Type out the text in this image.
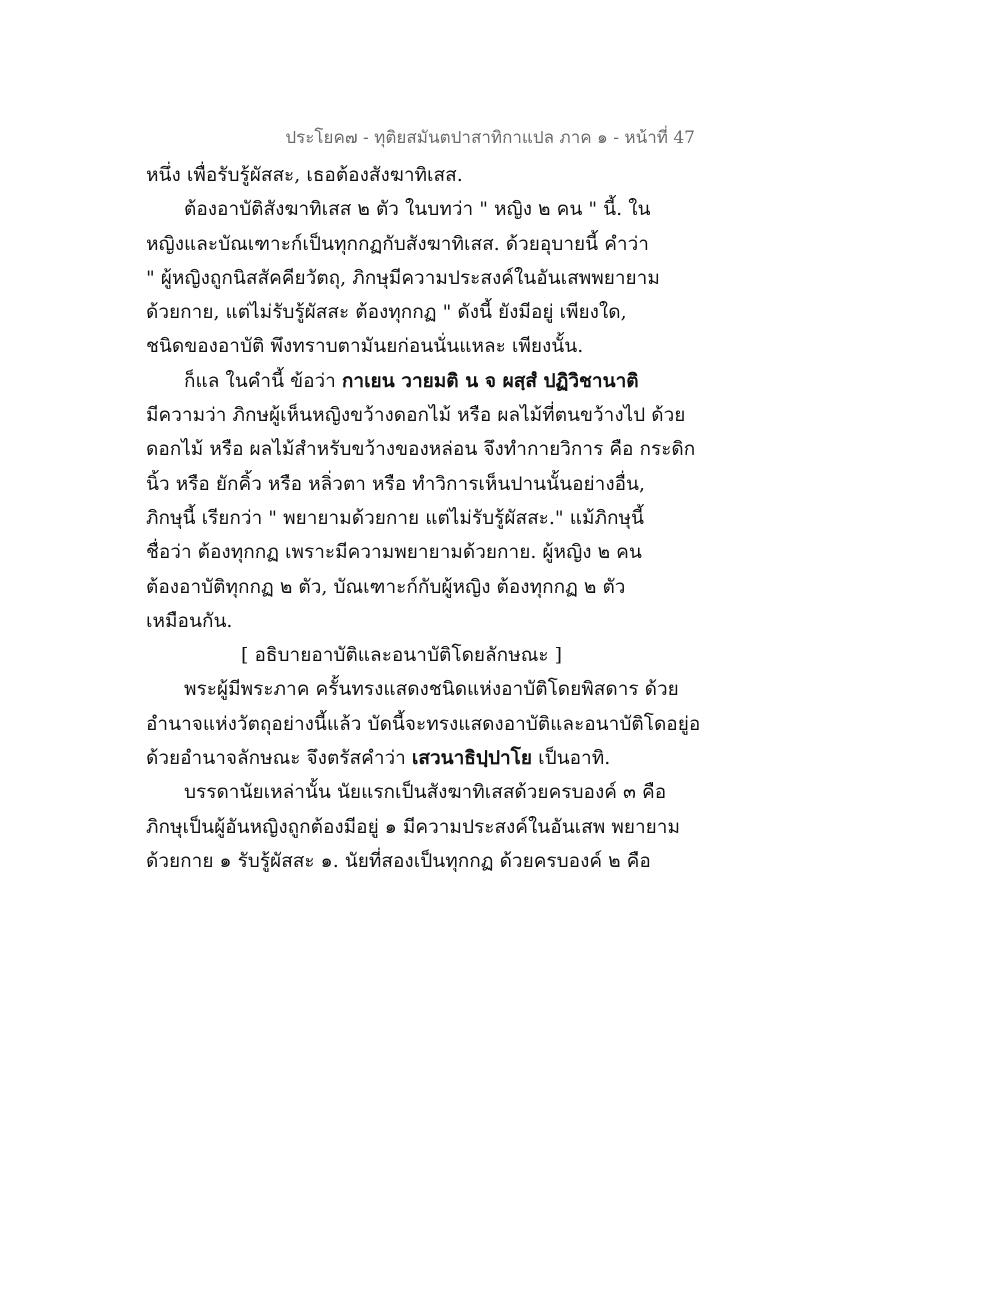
ประโยค๗ - ทุติยสมันตปาสาทิกาแปล ภาค ๑ - หน้าที่ 47
หนึ่ง เพื่อรับรู้ผัสสะ, เธอต้องสังฆาทิเสส.
ต้องอาบัติสังฆาทิเสส ๒ ตัว ในบทว่า " หญิง ๒ คน " นี้. ใน
หญิงและบัณเฑาะก์เป็นทุกกฏกับสังฆาทิเสส. ด้วยอุบายนี้ คำว่า
" ผู้หญิงถูกนิสสัคคียวัตถุ, ภิกษุมีความประสงค์ในอันเสพพยายาม
ด้วยกาย, แต่ไม่รับรู้ผัสสะ ต้องทุกกฏ " ดังนี้ ยังมีอยู่ เพียงใด,
ชนิดของอาบัติ พึงทราบตามันยก่อนนั่นแหละ เพียงนั้น.
ก็แล ในคำนี้ ข้อว่า กาเยน วายมติ น จ ผสฺสํ ปฏิวิชานาติ
มีความว่า ภิกษผู้เห็นหญิงขว้างดอกไม้ หรือ ผลไม้ที่ตนขว้างไป ด้วย
ดอกไม้ หรือ ผลไม้สำหรับขว้างของหล่อน จึงทำกายวิการ คือ กระดิก
นิ้ว หรือ ยักคิ้ว หรือ หลิ่วตา หรือ ทำวิการเห็นปานนั้นอย่างอื่น,
ภิกษุนี้ เรียกว่า " พยายามด้วยกาย แต่ไม่รับรู้ผัสสะ." แม้ภิกษุนี้
ชื่อว่า ต้องทุกกฏ เพราะมีความพยายามด้วยกาย. ผู้หญิง ๒ คน
ต้องอาบัติทุกกฏ ๒ ตัว, บัณเฑาะก์กับผู้หญิง ต้องทุกกฏ ๒ ตัว
เหมือนกัน.
[ อธิบายอาบัติและอนาบัติโดยลักษณะ ]
พระผู้มีพระภาค ครั้นทรงแสดงชนิดแห่งอาบัติโดยพิสดาร ด้วย
อำนาจแห่งวัตถุอย่างนี้แล้ว บัดนี้จะทรงแสดงอาบัติและอนาบัติโดอยู่อ
ด้วยอำนาจลักษณะ จึงตรัสคำว่า เสวนาธิปฺปาโย เป็นอาทิ.
บรรดานัยเหล่านั้น นัยแรกเป็นสังฆาทิเสสด้วยครบองค์ ๓ คือ
ภิกษุเป็นผู้อันหญิงถูกต้องมีอยู่ ๑ มีความประสงค์ในอันเสพ พยายาม
ด้วยกาย ๑ รับรู้ผัสสะ ๑. นัยที่สองเป็นทุกกฏ ด้วยครบองค์ ๒ คือ
